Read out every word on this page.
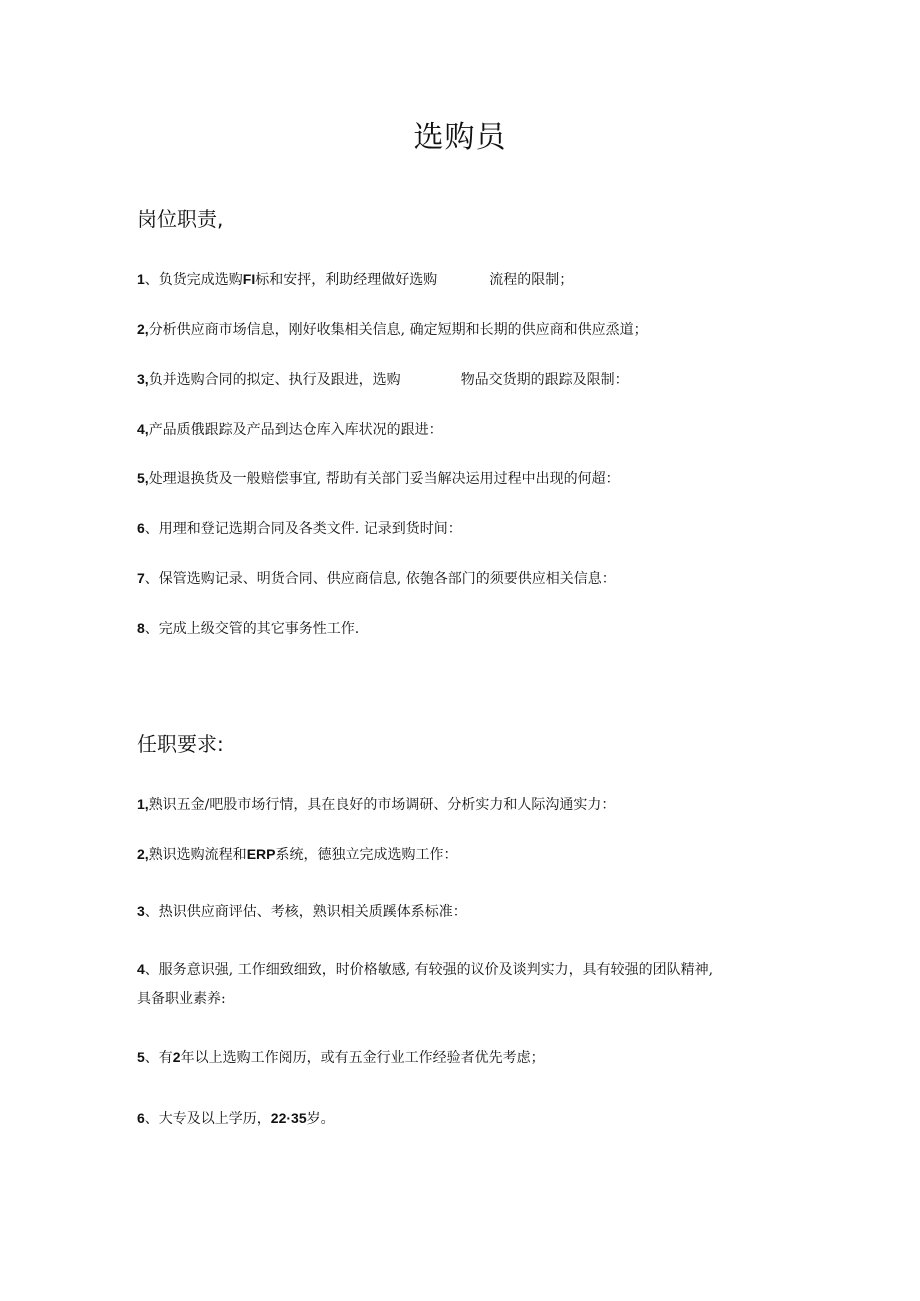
选购员
岗位职责,
1、负货完成选购FI标和安抨，利助经理做好选购	流程的限制；
2,分析供应商市场信息，刚好收集相关信息, 确定短期和长期的供应商和供应烝道；
3,负并选购合同的拟定、执行及跟进，选购	物品交货期的跟踪及限制：
4,产品质俄跟踪及产品到达仓库入库状况的跟进：
5,处理退换货及一般赔偿事宜, 帮助有关部门妥当解决运用过程中出现的何超：
6、用理和登记选期合同及各类文件. 记录到货时间：
7、保管选购记录、明货合同、供应商信息, 依匏各部门的须要供应相关信息：
8、完成上级交管的其它事务性工作.
任职要求:
1,熟识五金/吧股市场行情，具在良好的市场调研、分析实力和人际沟通实力：
2,熟识选购流程和ERP系统，德独立完成选购工作：
3、热识供应商评估、考核，熟识相关质蹊体系标准：
4、服务意识强, 工作细致细致，时价格敏感, 有较强的议价及谈判实力，具有较强的团队精神,
具备职业素养:
5、有2年以上选购工作阅历，或有五金行业工作经验者优先考虑；
6、大专及以上学历，22·35岁。
